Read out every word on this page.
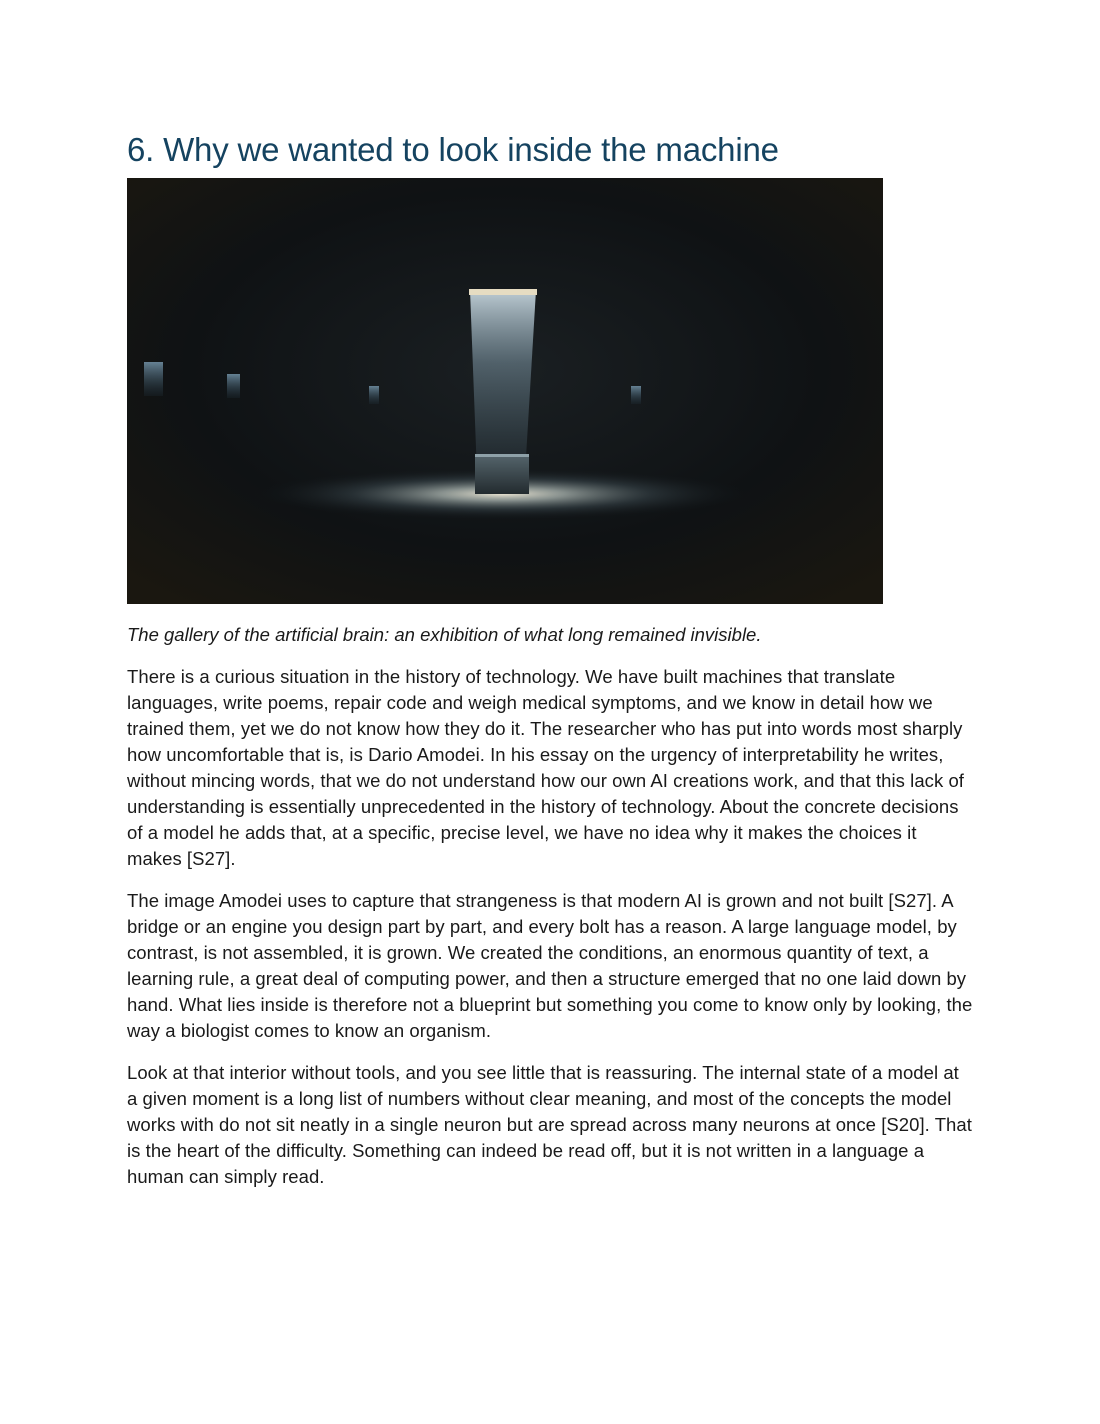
6. Why we wanted to look inside the machine

The gallery of the artificial brain: an exhibition of what long remained invisible.

There is a curious situation in the history of technology. We have built machines that translate languages, write poems, repair code and weigh medical symptoms, and we know in detail how we trained them, yet we do not know how they do it. The researcher who has put into words most sharply how uncomfortable that is, is Dario Amodei. In his essay on the urgency of interpretability he writes, without mincing words, that we do not understand how our own AI creations work, and that this lack of understanding is essentially unprecedented in the history of technology. About the concrete decisions of a model he adds that, at a specific, precise level, we have no idea why it makes the choices it makes [S27].

The image Amodei uses to capture that strangeness is that modern AI is grown and not built [S27]. A bridge or an engine you design part by part, and every bolt has a reason. A large language model, by contrast, is not assembled, it is grown. We created the conditions, an enormous quantity of text, a learning rule, a great deal of computing power, and then a structure emerged that no one laid down by hand. What lies inside is therefore not a blueprint but something you come to know only by looking, the way a biologist comes to know an organism.

Look at that interior without tools, and you see little that is reassuring. The internal state of a model at a given moment is a long list of numbers without clear meaning, and most of the concepts the model works with do not sit neatly in a single neuron but are spread across many neurons at once [S20]. That is the heart of the difficulty. Something can indeed be read off, but it is not written in a language a human can simply read.
